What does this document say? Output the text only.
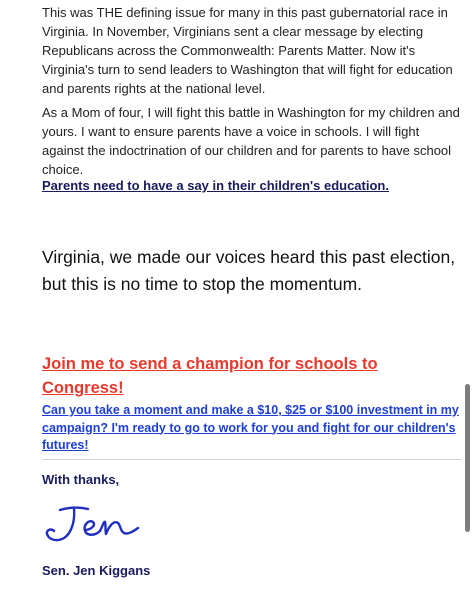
This was THE defining issue for many in this past gubernatorial race in Virginia. In November, Virginians sent a clear message by electing Republicans across the Commonwealth: Parents Matter. Now it's Virginia's turn to send leaders to Washington that will fight for education and parents rights at the national level.

As a Mom of four, I will fight this battle in Washington for my children and yours. I want to ensure parents have a voice in schools. I will fight against the indoctrination of our children and for parents to have school choice.

Parents need to have a say in their children's education.

Virginia, we made our voices heard this past election, but this is no time to stop the momentum.

Join me to send a champion for schools to Congress!
Can you take a moment and make a $10, $25 or $100 investment in my campaign? I'm ready to go to work for you and fight for our children's futures!

With thanks,

Sen. Jen Kiggans
